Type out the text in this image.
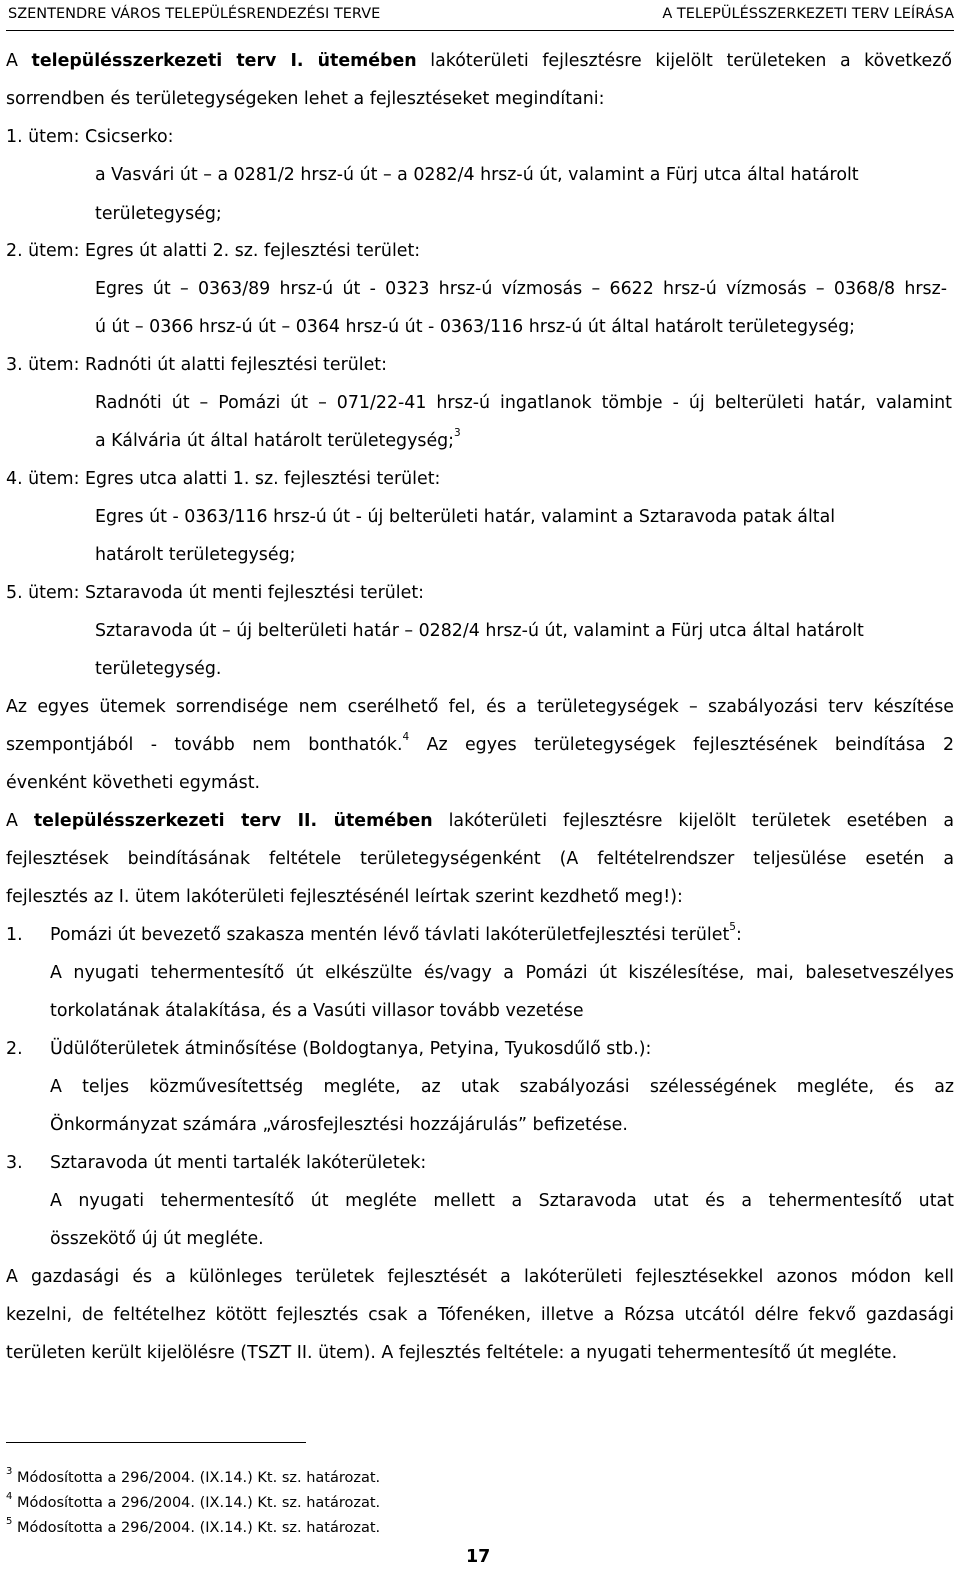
SZENTENDRE VÁROS TELEPÜLÉSRENDEZÉSI TERVE	A TELEPÜLÉSSZERKEZETI TERV LEÍRÁSA
A településszerkezeti terv I. ütemében lakóterületi fejlesztésre kijelölt területeken a következő
sorrendben és területegységeken lehet a fejlesztéseket megindítani:
1. ütem: Csicserko:
a Vasvári út – a 0281/2 hrsz-ú út – a 0282/4 hrsz-ú út, valamint a Fürj utca által határolt
területegység;
2. ütem: Egres út alatti 2. sz. fejlesztési terület:
Egres út – 0363/89 hrsz-ú út - 0323 hrsz-ú vízmosás – 6622 hrsz-ú vízmosás – 0368/8 hrsz-
ú út – 0366 hrsz-ú út – 0364 hrsz-ú út - 0363/116 hrsz-ú út által határolt területegység;
3. ütem: Radnóti út alatti fejlesztési terület:
Radnóti út – Pomázi út – 071/22-41 hrsz-ú ingatlanok tömbje - új belterületi határ, valamint
a Kálvária út által határolt területegység;$^3$
4. ütem: Egres utca alatti 1. sz. fejlesztési terület:
Egres út - 0363/116 hrsz-ú út - új belterületi határ, valamint a Sztaravoda patak által
határolt területegység;
5. ütem: Sztaravoda út menti fejlesztési terület:
Sztaravoda út – új belterületi határ – 0282/4 hrsz-ú út, valamint a Fürj utca által határolt
területegység.
Az egyes ütemek sorrendisége nem cserélhető fel, és a területegységek – szabályozási terv készítése
szempontjából - tovább nem bonthatók.$^4$ Az egyes területegységek fejlesztésének beindítása 2
évenként követheti egymást.
A településszerkezeti terv II. ütemében lakóterületi fejlesztésre kijelölt területek esetében a
fejlesztések beindításának feltétele területegységenként (A feltételrendszer teljesülése esetén a
fejlesztés az I. ütem lakóterületi fejlesztésénél leírtak szerint kezdhető meg!):
1. Pomázi út bevezető szakasza mentén lévő távlati lakóterületfejlesztési terület$^5$:
A nyugati tehermentesítő út elkészülte és/vagy a Pomázi út kiszélesítése, mai, balesetveszélyes
torkolatának átalakítása, és a Vasúti villasor tovább vezetése
2. Üdülőterületek átminősítése (Boldogtanya, Petyina, Tyukosdűlő stb.):
A teljes közművesítettség megléte, az utak szabályozási szélességének megléte, és az
Önkormányzat számára „városfejlesztési hozzájárulás” befizetése.
3. Sztaravoda út menti tartalék lakóterületek:
A nyugati tehermentesítő út megléte mellett a Sztaravoda utat és a tehermentesítő utat
összekötő új út megléte.
A gazdasági és a különleges területek fejlesztését a lakóterületi fejlesztésekkel azonos módon kell
kezelni, de feltételhez kötött fejlesztés csak a Tófenéken, illetve a Rózsa utcától délre fekvő gazdasági
területen került kijelölésre (TSZT II. ütem). A fejlesztés feltétele: a nyugati tehermentesítő út megléte.
$^3$ Módosította a 296/2004. (IX.14.) Kt. sz. határozat.
$^4$ Módosította a 296/2004. (IX.14.) Kt. sz. határozat.
$^5$ Módosította a 296/2004. (IX.14.) Kt. sz. határozat.
17
